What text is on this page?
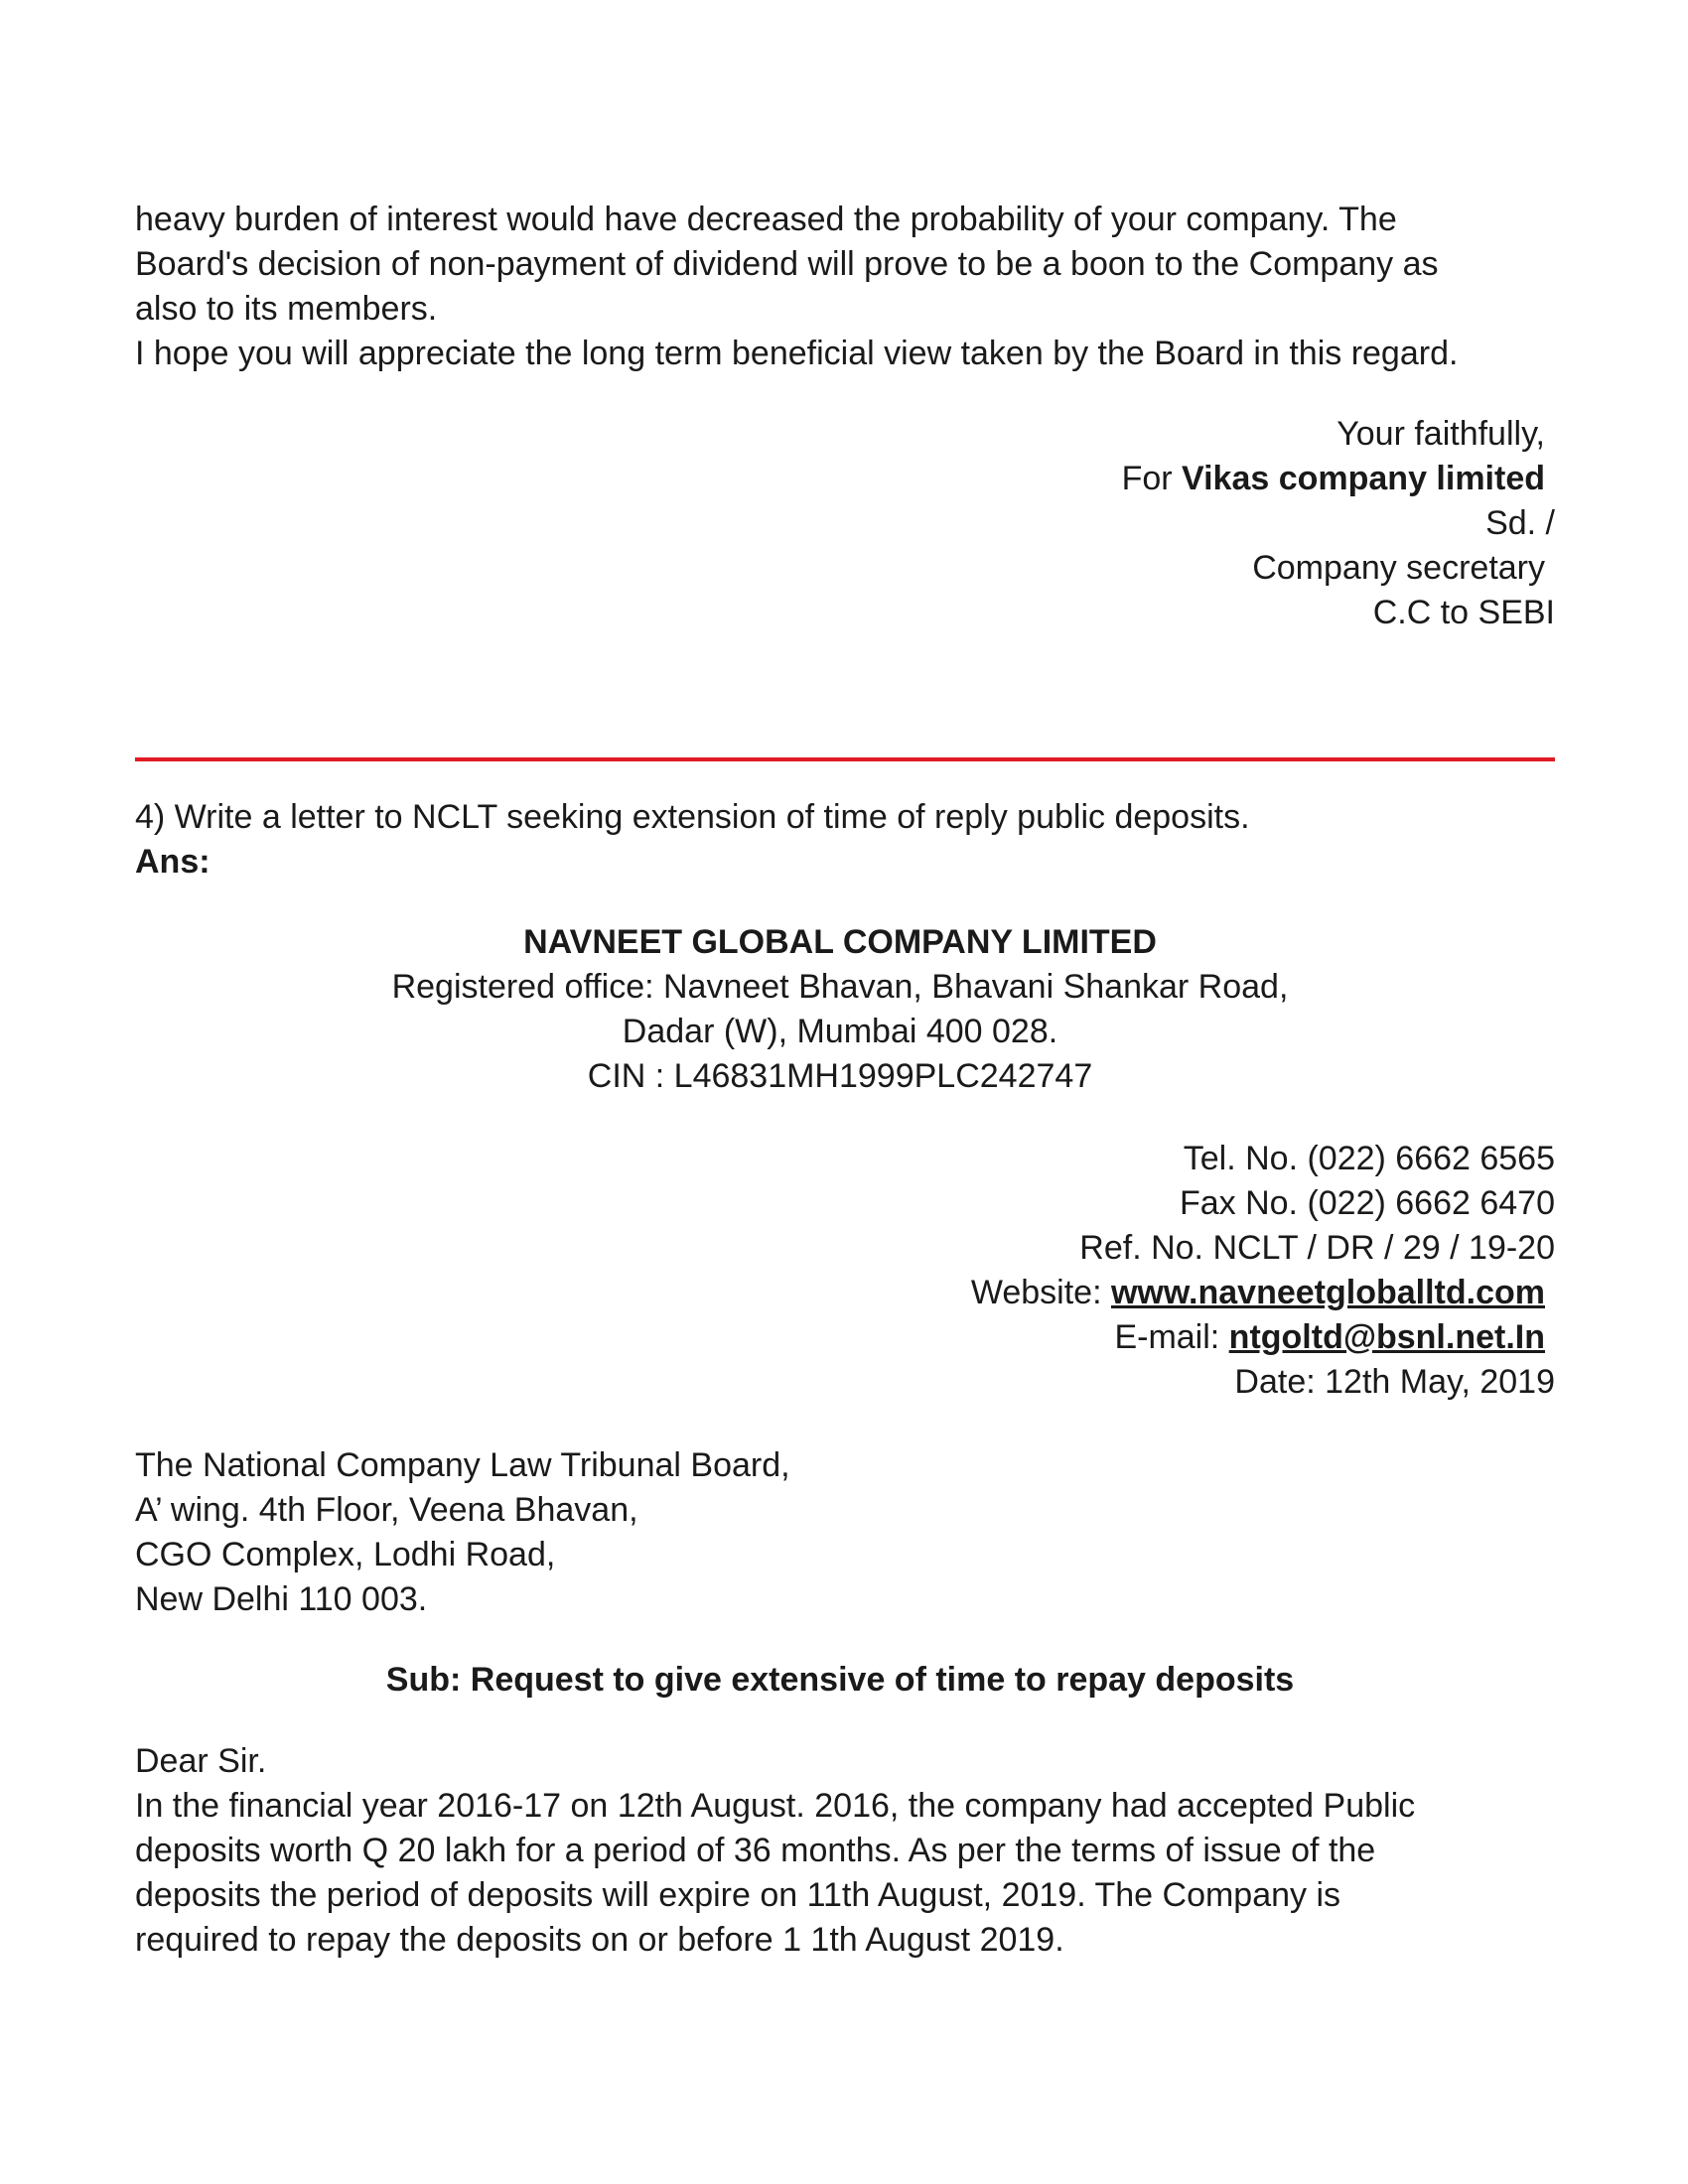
heavy burden of interest would have decreased the probability of your company. The
Board's decision of non-payment of dividend will prove to be a boon to the Company as
also to its members.
I hope you will appreciate the long term beneficial view taken by the Board in this regard.
Your faithfully,
For Vikas company limited
Sd. /
Company secretary
C.C to SEBI
4) Write a letter to NCLT seeking extension of time of reply public deposits.
Ans:
NAVNEET GLOBAL COMPANY LIMITED
Registered office: Navneet Bhavan, Bhavani Shankar Road,
Dadar (W), Mumbai 400 028.
CIN : L46831MH1999PLC242747
Tel. No. (022) 6662 6565
Fax No. (022) 6662 6470
Ref. No. NCLT / DR / 29 / 19-20
Website: www.navneetgloballtd.com
E-mail: ntgoltd@bsnl.net.In
Date: 12th May, 2019
The National Company Law Tribunal Board,
A’ wing. 4th Floor, Veena Bhavan,
CGO Complex, Lodhi Road,
New Delhi 110 003.
Sub: Request to give extensive of time to repay deposits
Dear Sir.
In the financial year 2016-17 on 12th August. 2016, the company had accepted Public
deposits worth Q 20 lakh for a period of 36 months. As per the terms of issue of the
deposits the period of deposits will expire on 11th August, 2019. The Company is
required to repay the deposits on or before 1 1th August 2019.
